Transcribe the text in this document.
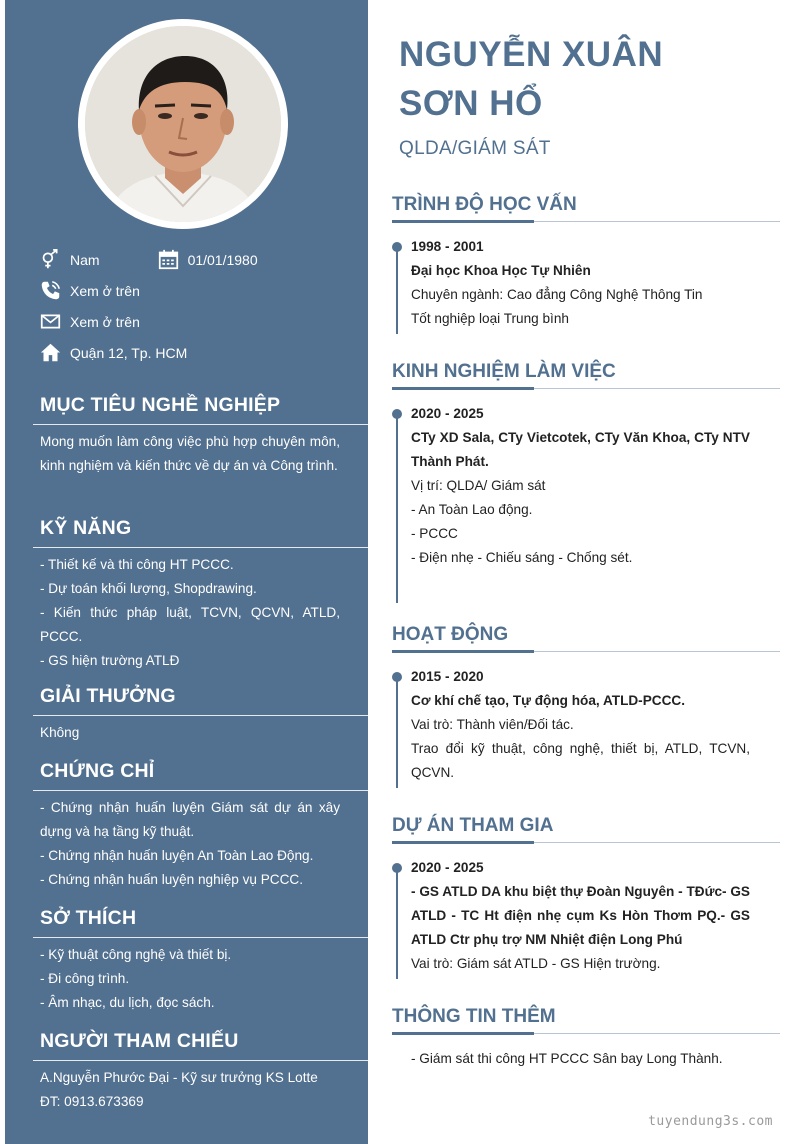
Nam	01/01/1980
Xem ở trên
Xem ở trên
Quận 12, Tp. HCM
MỤC TIÊU NGHỀ NGHIỆP

Mong muốn làm công việc phù hợp chuyên môn, kinh nghiệm và kiến thức về dự án và Công trình.

KỸ NĂNG

- Thiết kế và thi công HT PCCC.

- Dự toán khối lượng, Shopdrawing.

- Kiến thức pháp luật, TCVN, QCVN, ATLD, PCCC.

- GS hiện trường ATLĐ

GIẢI THƯỞNG

Không

CHỨNG CHỈ

- Chứng nhận huấn luyện Giám sát dự án xây dựng và hạ tầng kỹ thuật.

- Chứng nhận huấn luyện An Toàn Lao Động.

- Chứng nhận huấn luyện nghiệp vụ PCCC.

SỞ THÍCH

- Kỹ thuật công nghệ và thiết bị.

- Đi công trình.

- Âm nhạc, du lịch, đọc sách.

NGƯỜI THAM CHIẾU

A.Nguyễn Phước Đại - Kỹ sư trưởng KS Lotte

ĐT: 0913.673369

NGUYỄN XUÂN
SƠN HỔ
QLDA/GIÁM SÁT
TRÌNH ĐỘ HỌC VẤN

1998 - 2001

Đại học Khoa Học Tự Nhiên

Chuyên ngành: Cao đẳng Công Nghệ Thông Tin

Tốt nghiệp loại Trung bình

KINH NGHIỆM LÀM VIỆC

2020 - 2025

CTy XD Sala, CTy Vietcotek, CTy Văn Khoa, CTy NTV Thành Phát.

Vị trí: QLDA/ Giám sát

- An Toàn Lao động.

- PCCC

- Điện nhẹ - Chiếu sáng - Chống sét.

HOẠT ĐỘNG

2015 - 2020

Cơ khí chế tạo, Tự động hóa, ATLD-PCCC.

Vai trò: Thành viên/Đối tác.

Trao đổi kỹ thuật, công nghệ, thiết bị, ATLD, TCVN, QCVN.

DỰ ÁN THAM GIA

2020 - 2025

- GS ATLD DA khu biệt thự Đoàn Nguyên - TĐức- GS ATLD - TC Ht điện nhẹ cụm Ks Hòn Thơm PQ.- GS ATLD Ctr phụ trợ NM Nhiệt điện Long Phú

Vai trò: Giám sát ATLD - GS Hiện trường.

THÔNG TIN THÊM

- Giám sát thi công HT PCCC Sân bay Long Thành.

tuyendung3s.com
